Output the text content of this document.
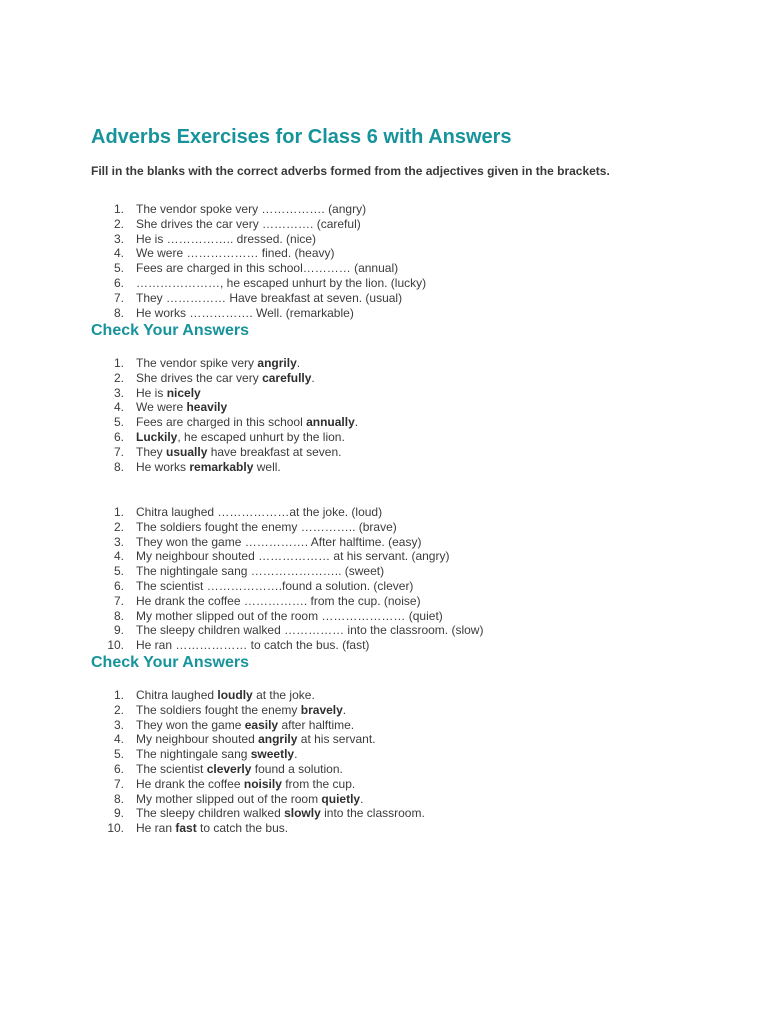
Adverbs Exercises for Class 6 with Answers

Fill in the blanks with the correct adverbs formed from the adjectives given in the brackets.

1. The vendor spoke very ……………. (angry)
2. She drives the car very …………. (careful)
3. He is …………….. dressed. (nice)
4. We were ……………… fined. (heavy)
5. Fees are charged in this school………… (annual)
6. …………………, he escaped unhurt by the lion. (lucky)
7. They …………… Have breakfast at seven. (usual)
8. He works ……………. Well. (remarkable)
Check Your Answers
1. The vendor spike very angrily.
2. She drives the car very carefully.
3. He is nicely
4. We were heavily
5. Fees are charged in this school annually.
6. Luckily, he escaped unhurt by the lion.
7. They usually have breakfast at seven.
8. He works remarkably well.
1. Chitra laughed ………………at the joke. (loud)
2. The soldiers fought the enemy ………….. (brave)
3. They won the game ……………. After halftime. (easy)
4. My neighbour shouted ……………… at his servant. (angry)
5. The nightingale sang ………………….. (sweet)
6. The scientist ……………….found a solution. (clever)
7. He drank the coffee ……………. from the cup. (noise)
8. My mother slipped out of the room ………………… (quiet)
9. The sleepy children walked …………… into the classroom. (slow)
10. He ran ……………… to catch the bus. (fast)
Check Your Answers
1. Chitra laughed loudly at the joke.
2. The soldiers fought the enemy bravely.
3. They won the game easily after halftime.
4. My neighbour shouted angrily at his servant.
5. The nightingale sang sweetly.
6. The scientist cleverly found a solution.
7. He drank the coffee noisily from the cup.
8. My mother slipped out of the room quietly.
9. The sleepy children walked slowly into the classroom.
10. He ran fast to catch the bus.
